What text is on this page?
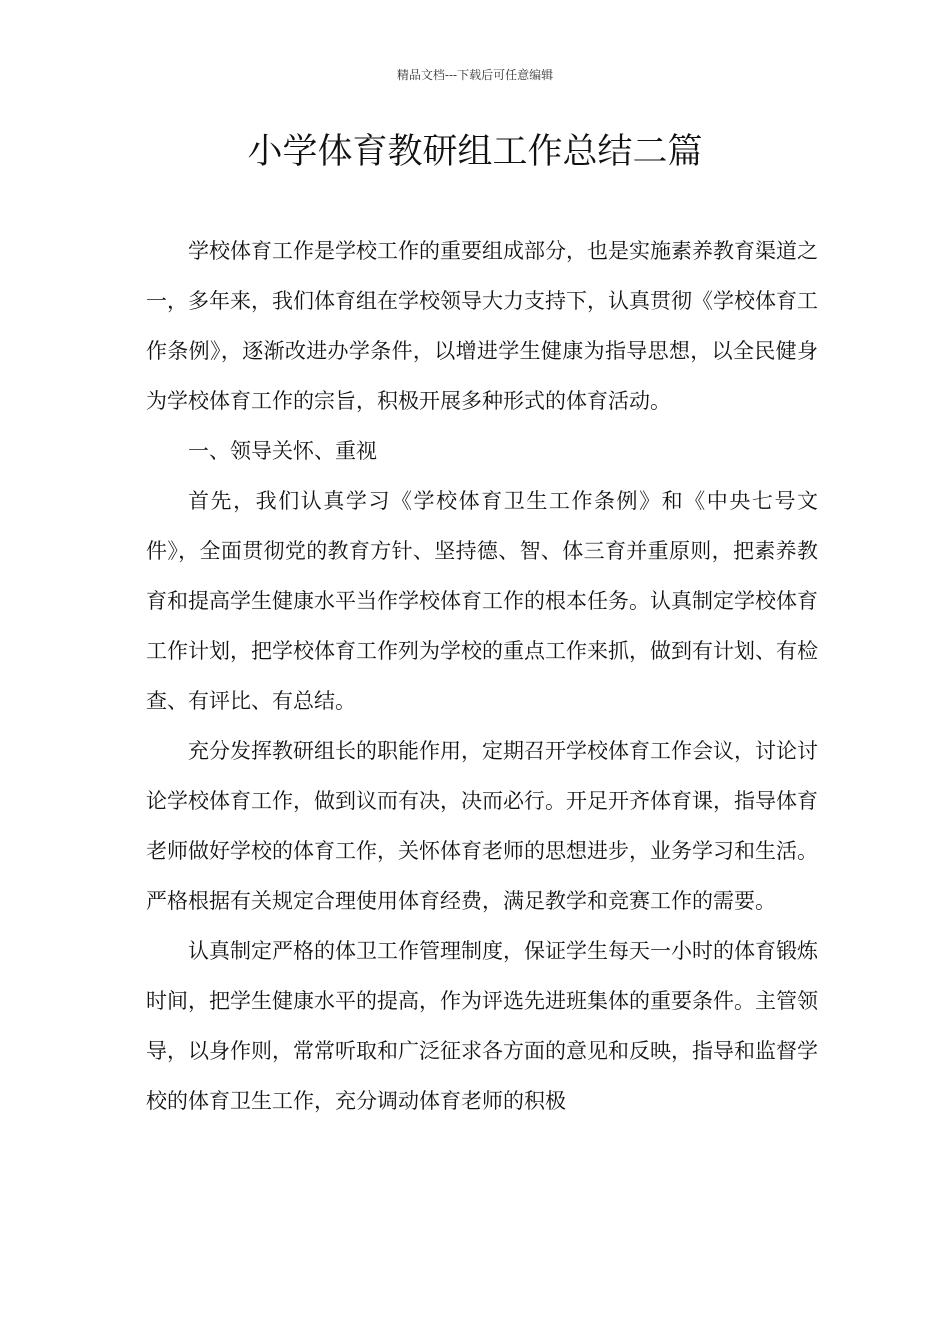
精品文档---下载后可任意编辑
小学体育教研组工作总结二篇

学校体育工作是学校工作的重要组成部分，也是实施素养教育渠道之一，多年来，我们体育组在学校领导大力支持下，认真贯彻《学校体育工作条例》，逐渐改进办学条件，以增进学生健康为指导思想，以全民健身为学校体育工作的宗旨，积极开展多种形式的体育活动。

一、领导关怀、重视

首先，我们认真学习《学校体育卫生工作条例》和《中央七号文件》，全面贯彻党的教育方针、坚持德、智、体三育并重原则，把素养教育和提高学生健康水平当作学校体育工作的根本任务。认真制定学校体育工作计划，把学校体育工作列为学校的重点工作来抓，做到有计划、有检查、有评比、有总结。

充分发挥教研组长的职能作用，定期召开学校体育工作会议，讨论讨论学校体育工作，做到议而有决，决而必行。开足开齐体育课，指导体育老师做好学校的体育工作，关怀体育老师的思想进步，业务学习和生活。严格根据有关规定合理使用体育经费，满足教学和竞赛工作的需要。

认真制定严格的体卫工作管理制度，保证学生每天一小时的体育锻炼时间，把学生健康水平的提高，作为评选先进班集体的重要条件。主管领导，以身作则，常常听取和广泛征求各方面的意见和反映，指导和监督学校的体育卫生工作，充分调动体育老师的积极
